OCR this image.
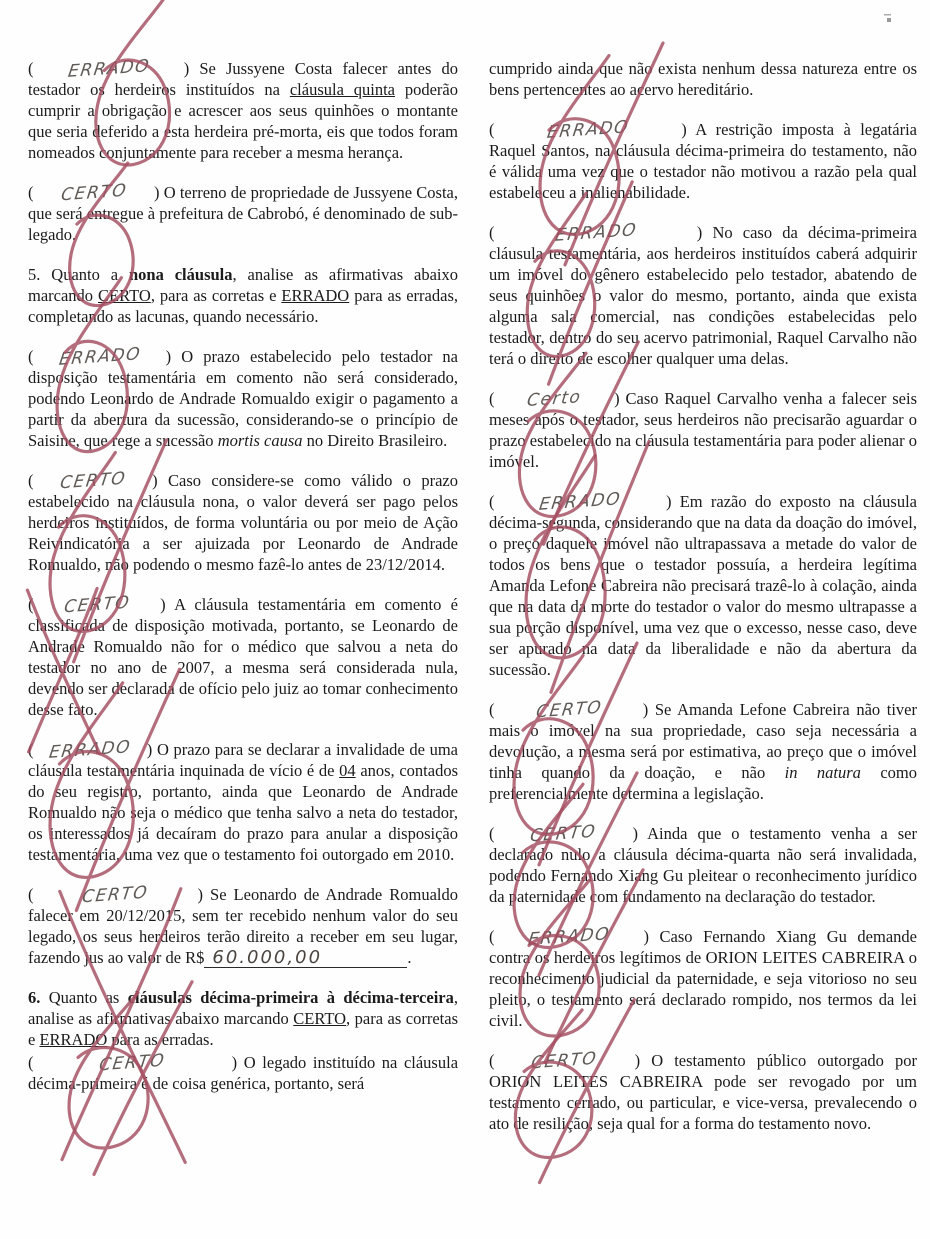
( ERRADO ) Se Jussyene Costa falecer antes do testador os herdeiros instituídos na cláusula quinta poderão cumprir a obrigação e acrescer aos seus quinhões o montante que seria deferido a esta herdeira pré-morta, eis que todos foram nomeados conjuntamente para receber a mesma herança.

( CERTO ) O terreno de propriedade de Jussyene Costa, que será entregue à prefeitura de Cabrobó, é denominado de sub-legado.

5. Quanto a nona cláusula, analise as afirmativas abaixo marcando CERTO, para as corretas e ERRADO para as erradas, completando as lacunas, quando necessário.

( ERRADO ) O prazo estabelecido pelo testador na disposição testamentária em comento não será considerado, podendo Leonardo de Andrade Romualdo exigir o pagamento a partir da abertura da sucessão, considerando-se o princípio de Saisine, que rege a sucessão mortis causa no Direito Brasileiro.

( CERTO ) Caso considere-se como válido o prazo estabelecido na cláusula nona, o valor deverá ser pago pelos herdeiros instituídos, de forma voluntária ou por meio de Ação Reivindicatória a ser ajuizada por Leonardo de Andrade Romualdo, não podendo o mesmo fazê-lo antes de 23/12/2014.

( CERTO ) A cláusula testamentária em comento é classificada de disposição motivada, portanto, se Leonardo de Andrade Romualdo não for o médico que salvou a neta do testador no ano de 2007, a mesma será considerada nula, devendo ser declarada de ofício pelo juiz ao tomar conhecimento desse fato.

( ERRADO ) O prazo para se declarar a invalidade de uma cláusula testamentária inquinada de vício é de 04 anos, contados do seu registro, portanto, ainda que Leonardo de Andrade Romualdo não seja o médico que tenha salvo a neta do testador, os interessados já decaíram do prazo para anular a disposição testamentária, uma vez que o testamento foi outorgado em 2010.

( CERTO ) Se Leonardo de Andrade Romualdo falecer em 20/12/2015, sem ter recebido nenhum valor do seu legado, os seus herdeiros terão direito a receber em seu lugar, fazendo jus ao valor de R$ 60.000,00	.

6. Quanto as cláusulas décima-primeira à décima-terceira, analise as afirmativas abaixo marcando CERTO, para as corretas e ERRADO para as erradas.

(	CERTO	) O legado instituído na cláusula décima-primeira é de coisa genérica, portanto, será

cumprido ainda que não exista nenhum dessa natureza entre os bens pertencentes ao acervo hereditário.

( ERRADO	) A restrição imposta à legatária Raquel Santos, na cláusula décima-primeira do testamento, não é válida uma vez que o testador não motivou a razão pela qual estabeleceu a inalienabilidade.

(	ERRADO	) No caso da décima-primeira cláusula testamentária, aos herdeiros instituídos caberá adquirir um imóvel do gênero estabelecido pelo testador, abatendo de seus quinhões o valor do mesmo, portanto, ainda que exista alguma sala comercial, nas condições estabelecidas pelo testador, dentro do seu acervo patrimonial, Raquel Carvalho não terá o direito de escolher qualquer uma delas.

( Certo ) Caso Raquel Carvalho venha a falecer seis meses após o testador, seus herdeiros não precisarão aguardar o prazo estabelecido na cláusula testamentária para poder alienar o imóvel.

( ERRADO ) Em razão do exposto na cláusula décima-segunda, considerando que na data da doação do imóvel, o preço daquele imóvel não ultrapassava a metade do valor de todos os bens que o testador possuía, a herdeira legítima Amanda Lefone Cabreira não precisará trazê-lo à colação, ainda que na data da morte do testador o valor do mesmo ultrapasse a sua porção disponível, uma vez que o excesso, nesse caso, deve ser apurado na data da liberalidade e não da abertura da sucessão.

( CERTO ) Se Amanda Lefone Cabreira não tiver mais o imóvel na sua propriedade, caso seja necessária a devolução, a mesma será por estimativa, ao preço que o imóvel tinha quando da doação, e não in natura como preferencialmente determina a legislação.

( CERTO ) Ainda que o testamento venha a ser declarado nulo a cláusula décima-quarta não será invalidada, podendo Fernando Xiang Gu pleitear o reconhecimento jurídico da paternidade com fundamento na declaração do testador.

( ERRADO ) Caso Fernando Xiang Gu demande contra os herdeiros legítimos de ORION LEITES CABREIRA o reconhecimento judicial da paternidade, e seja vitorioso no seu pleito, o testamento será declarado rompido, nos termos da lei civil.

( CERTO ) O testamento público outorgado por ORION LEITES CABREIRA pode ser revogado por um testamento cerrado, ou particular, e vice-versa, prevalecendo o ato de resilição, seja qual for a forma do testamento novo.
